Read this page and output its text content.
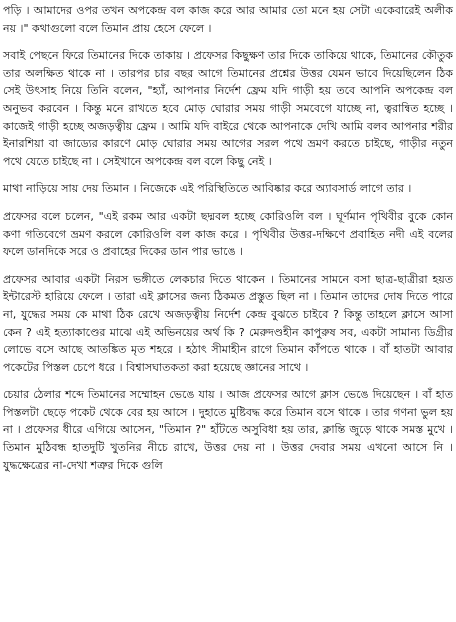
পড়ি । আমাদের ওপর তখন অপকেন্দ্র বল কাজ করে আর আমার তো মনে হয় সেটা একেবারেই অলীক নয় ।" কথাগুলো বলে তিমান প্রায় হেসে ফেলে ।

সবাই পেছনে ফিরে তিমানের দিকে তাকায় । প্রফেসর কিছুক্ষণ তার দিকে তাকিয়ে থাকে, তিমানের কৌতুক তার অলক্ষিত থাকে না । তারপর চার বছর আগে তিমানের প্রশ্নের উত্তর যেমন ভাবে দিয়েছিলেন ঠিক সেই উৎসাহ নিয়ে তিনি বলেন, "হ্যাঁ, আপনার নির্দেশ ফ্রেম যদি গাড়ী হয় তবে আপনি অপকেন্দ্র বল অনুভব করবেন । কিন্তু মনে রাখতে হবে মোড় ঘোরার সময় গাড়ী সমবেগে যাচ্ছে না, ত্বরান্বিত হচ্ছে । কাজেই গাড়ী হচ্ছে অজড়ত্বীয় ফ্রেম । আমি যদি বাইরে থেকে আপনাকে দেখি আমি বলব আপনার শরীর ইনারশিয়া বা জাড্যের কারণে মোড় ঘোরার সময় আগের সরল পথে ভ্রমণ করতে চাইছে, গাড়ীর নতুন পথে যেতে চাইছে না । সেইখানে অপকেন্দ্র বল বলে কিছু নেই ।

মাথা নাড়িয়ে সায় দেয় তিমান । নিজেকে এই পরিস্থিতিতে আবিষ্কার করে অ্যাবসার্ড লাগে তার ।

প্রফেসর বলে চলেন, "এই রকম আর একটা ছদ্মবল হচ্ছে কোরিওলি বল । ঘূর্ণমান পৃথিবীর বুকে কোন কণা গতিবেগে ভ্রমণ করলে কোরিওলি বল কাজ করে । পৃথিবীর উত্তর-দক্ষিণে প্রবাহিত নদী এই বলের ফলে ডানদিকে সরে ও প্রবাহের দিকের ডান পার ভাঙে ।

প্রফেসর আবার একটা নিরস ভঙ্গীতে লেকচার দিতে থাকেন । তিমানের সামনে বসা ছাত্র-ছাত্রীরা হয়ত ইন্টারেস্ট হারিয়ে ফেলে । তারা এই ক্লাসের জন্য ঠিকমত প্রস্তুত ছিল না । তিমান তাদের দোষ দিতে পারে না, যুদ্ধের সময় কে মাথা ঠিক রেখে অজড়ত্বীয় নির্দেশ কেন্দ্র বুঝতে চাইবে ? কিন্তু তাহলে ক্লাসে আসা কেন ? এই হত্যাকাণ্ডের মাঝে এই অভিনয়ের অর্থ কি ? মেরুদণ্ডহীন কাপুরুষ সব, একটা সামান্য ডিগ্রীর লোভে বসে আছে আতঙ্কিত মৃত শহরে । হঠাৎ সীমাহীন রাগে তিমান কাঁপতে থাকে । বাঁ হাতটা আবার পকেটের পিস্তল চেপে ধরে । বিশ্বাসঘাতকতা করা হয়েছে জ্ঞানের সাথে ।

চেয়ার ঠেলার শব্দে তিমানের সম্মোহন ভেঙে যায় । আজ প্রফেসর আগে ক্লাস ভেঙে দিয়েছেন । বাঁ হাত পিস্তলটা ছেড়ে পকেট থেকে বের হয় আসে । দুহাতে মুষ্টিবদ্ধ করে তিমান বসে থাকে । তার গণনা ভুল হয় না । প্রফেসর ধীরে এগিয়ে আসেন, "তিমান ?" হাঁটতে অসুবিধা হয় তার, ক্লান্তি জুড়ে থাকে সমস্ত মুখে । তিমান মুঠিবন্ধ হাতদুটি খুতনির নীচে রাখে, উত্তর দেয় না । উত্তর দেবার সময় এখনো আসে নি । যুদ্ধক্ষেত্রের না-দেখা শত্রুর দিকে গুলি
